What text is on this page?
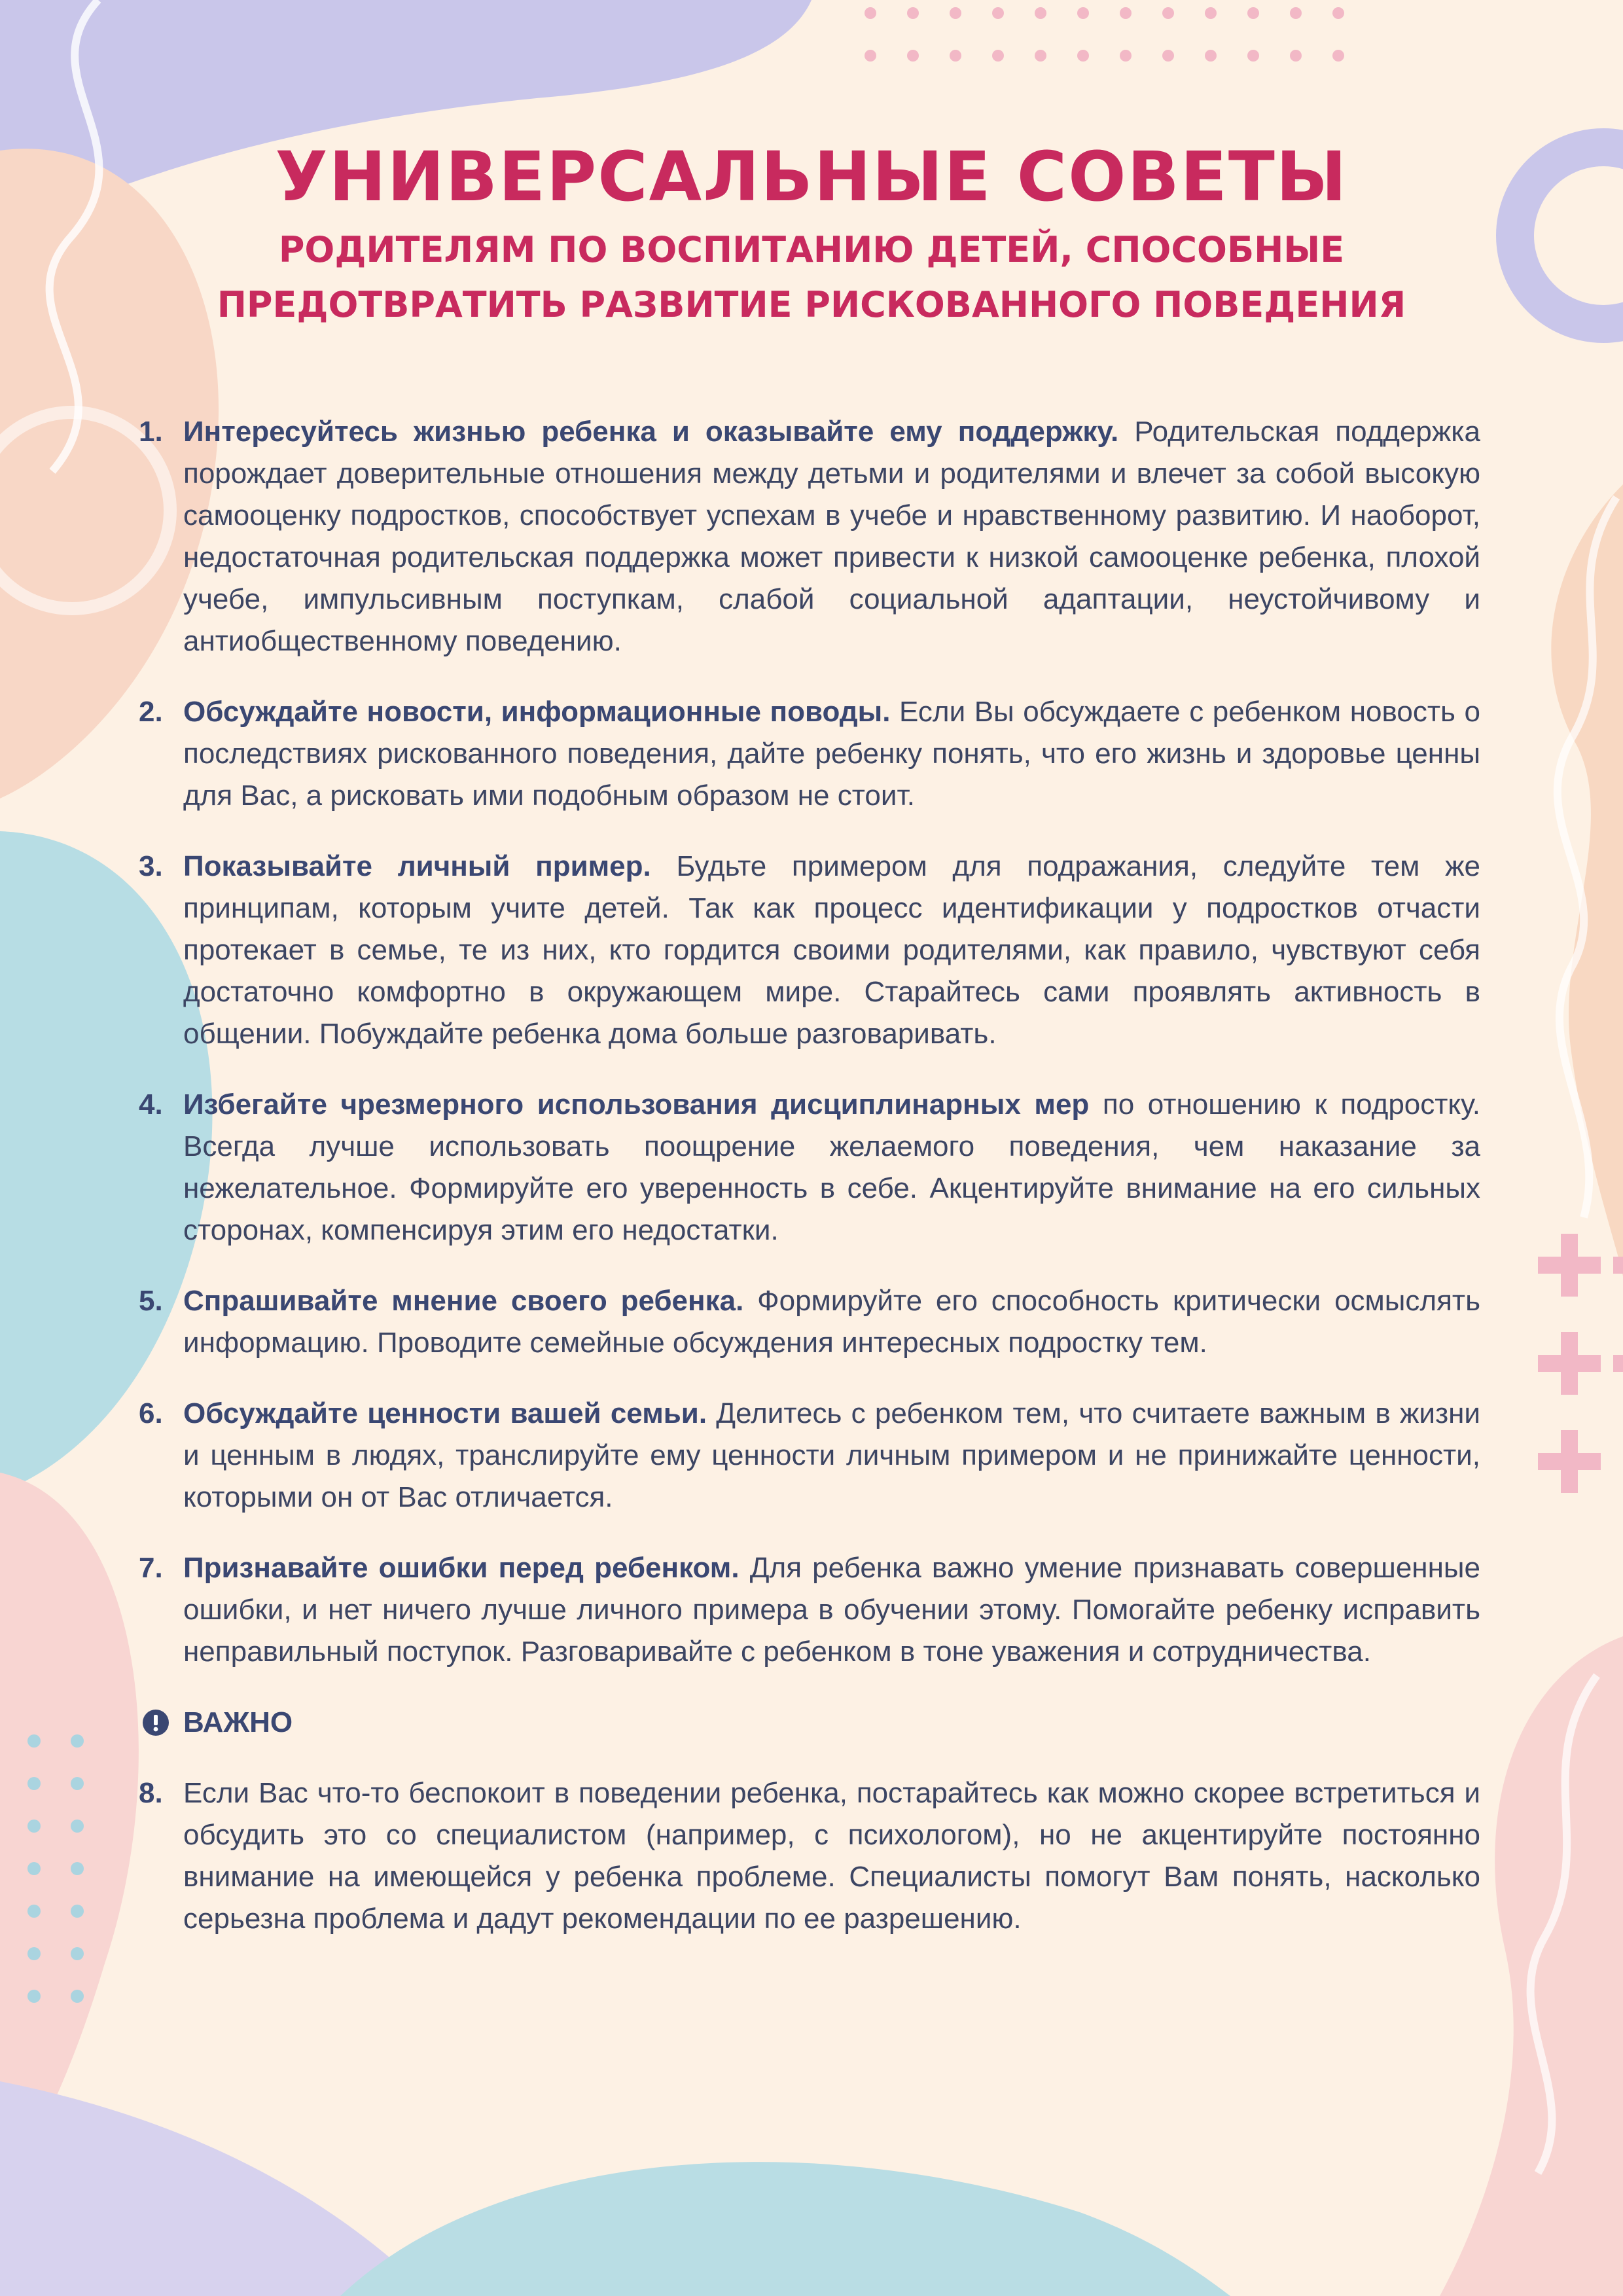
УНИВЕРСАЛЬНЫЕ СОВЕТЫ
РОДИТЕЛЯМ ПО ВОСПИТАНИЮ ДЕТЕЙ, СПОСОБНЫЕ
ПРЕДОТВРАТИТЬ РАЗВИТИЕ РИСКОВАННОГО ПОВЕДЕНИЯ
1. Интересуйтесь жизнью ребенка и оказывайте ему поддержку. Родительская поддержка порождает доверительные отношения между детьми и родителями и влечет за собой высокую самооценку подростков, способствует успехам в учебе и нравственному развитию. И наоборот, недостаточная родительская поддержка может привести к низкой самооценке ребенка, плохой учебе, импульсивным поступкам, слабой социальной адаптации, неустойчивому и антиобщественному поведению.
2. Обсуждайте новости, информационные поводы. Если Вы обсуждаете с ребенком новость о последствиях рискованного поведения, дайте ребенку понять, что его жизнь и здоровье ценны для Вас, а рисковать ими подобным образом не стоит.
3. Показывайте личный пример. Будьте примером для подражания, следуйте тем же принципам, которым учите детей. Так как процесс идентификации у подростков отчасти протекает в семье, те из них, кто гордится своими родителями, как правило, чувствуют себя достаточно комфортно в окружающем мире. Старайтесь сами проявлять активность в общении. Побуждайте ребенка дома больше разговаривать.
4. Избегайте чрезмерного использования дисциплинарных мер по отношению к подростку. Всегда лучше использовать поощрение желаемого поведения, чем наказание за нежелательное. Формируйте его уверенность в себе. Акцентируйте внимание на его сильных сторонах, компенсируя этим его недостатки.
5. Спрашивайте мнение своего ребенка. Формируйте его способность критически осмыслять информацию. Проводите семейные обсуждения интересных подростку тем.
6. Обсуждайте ценности вашей семьи. Делитесь с ребенком тем, что считаете важным в жизни и ценным в людях, транслируйте ему ценности личным примером и не принижайте ценности, которыми он от Вас отличается.
7. Признавайте ошибки перед ребенком. Для ребенка важно умение признавать совершенные ошибки, и нет ничего лучше личного примера в обучении этому. Помогайте ребенку исправить неправильный поступок. Разговаривайте с ребенком в тоне уважения и сотрудничества.
ВАЖНО
8. Если Вас что-то беспокоит в поведении ребенка, постарайтесь как можно скорее встретиться и обсудить это со специалистом (например, с психологом), но не акцентируйте постоянно внимание на имеющейся у ребенка проблеме. Специалисты помогут Вам понять, насколько серьезна проблема и дадут рекомендации по ее разрешению.
